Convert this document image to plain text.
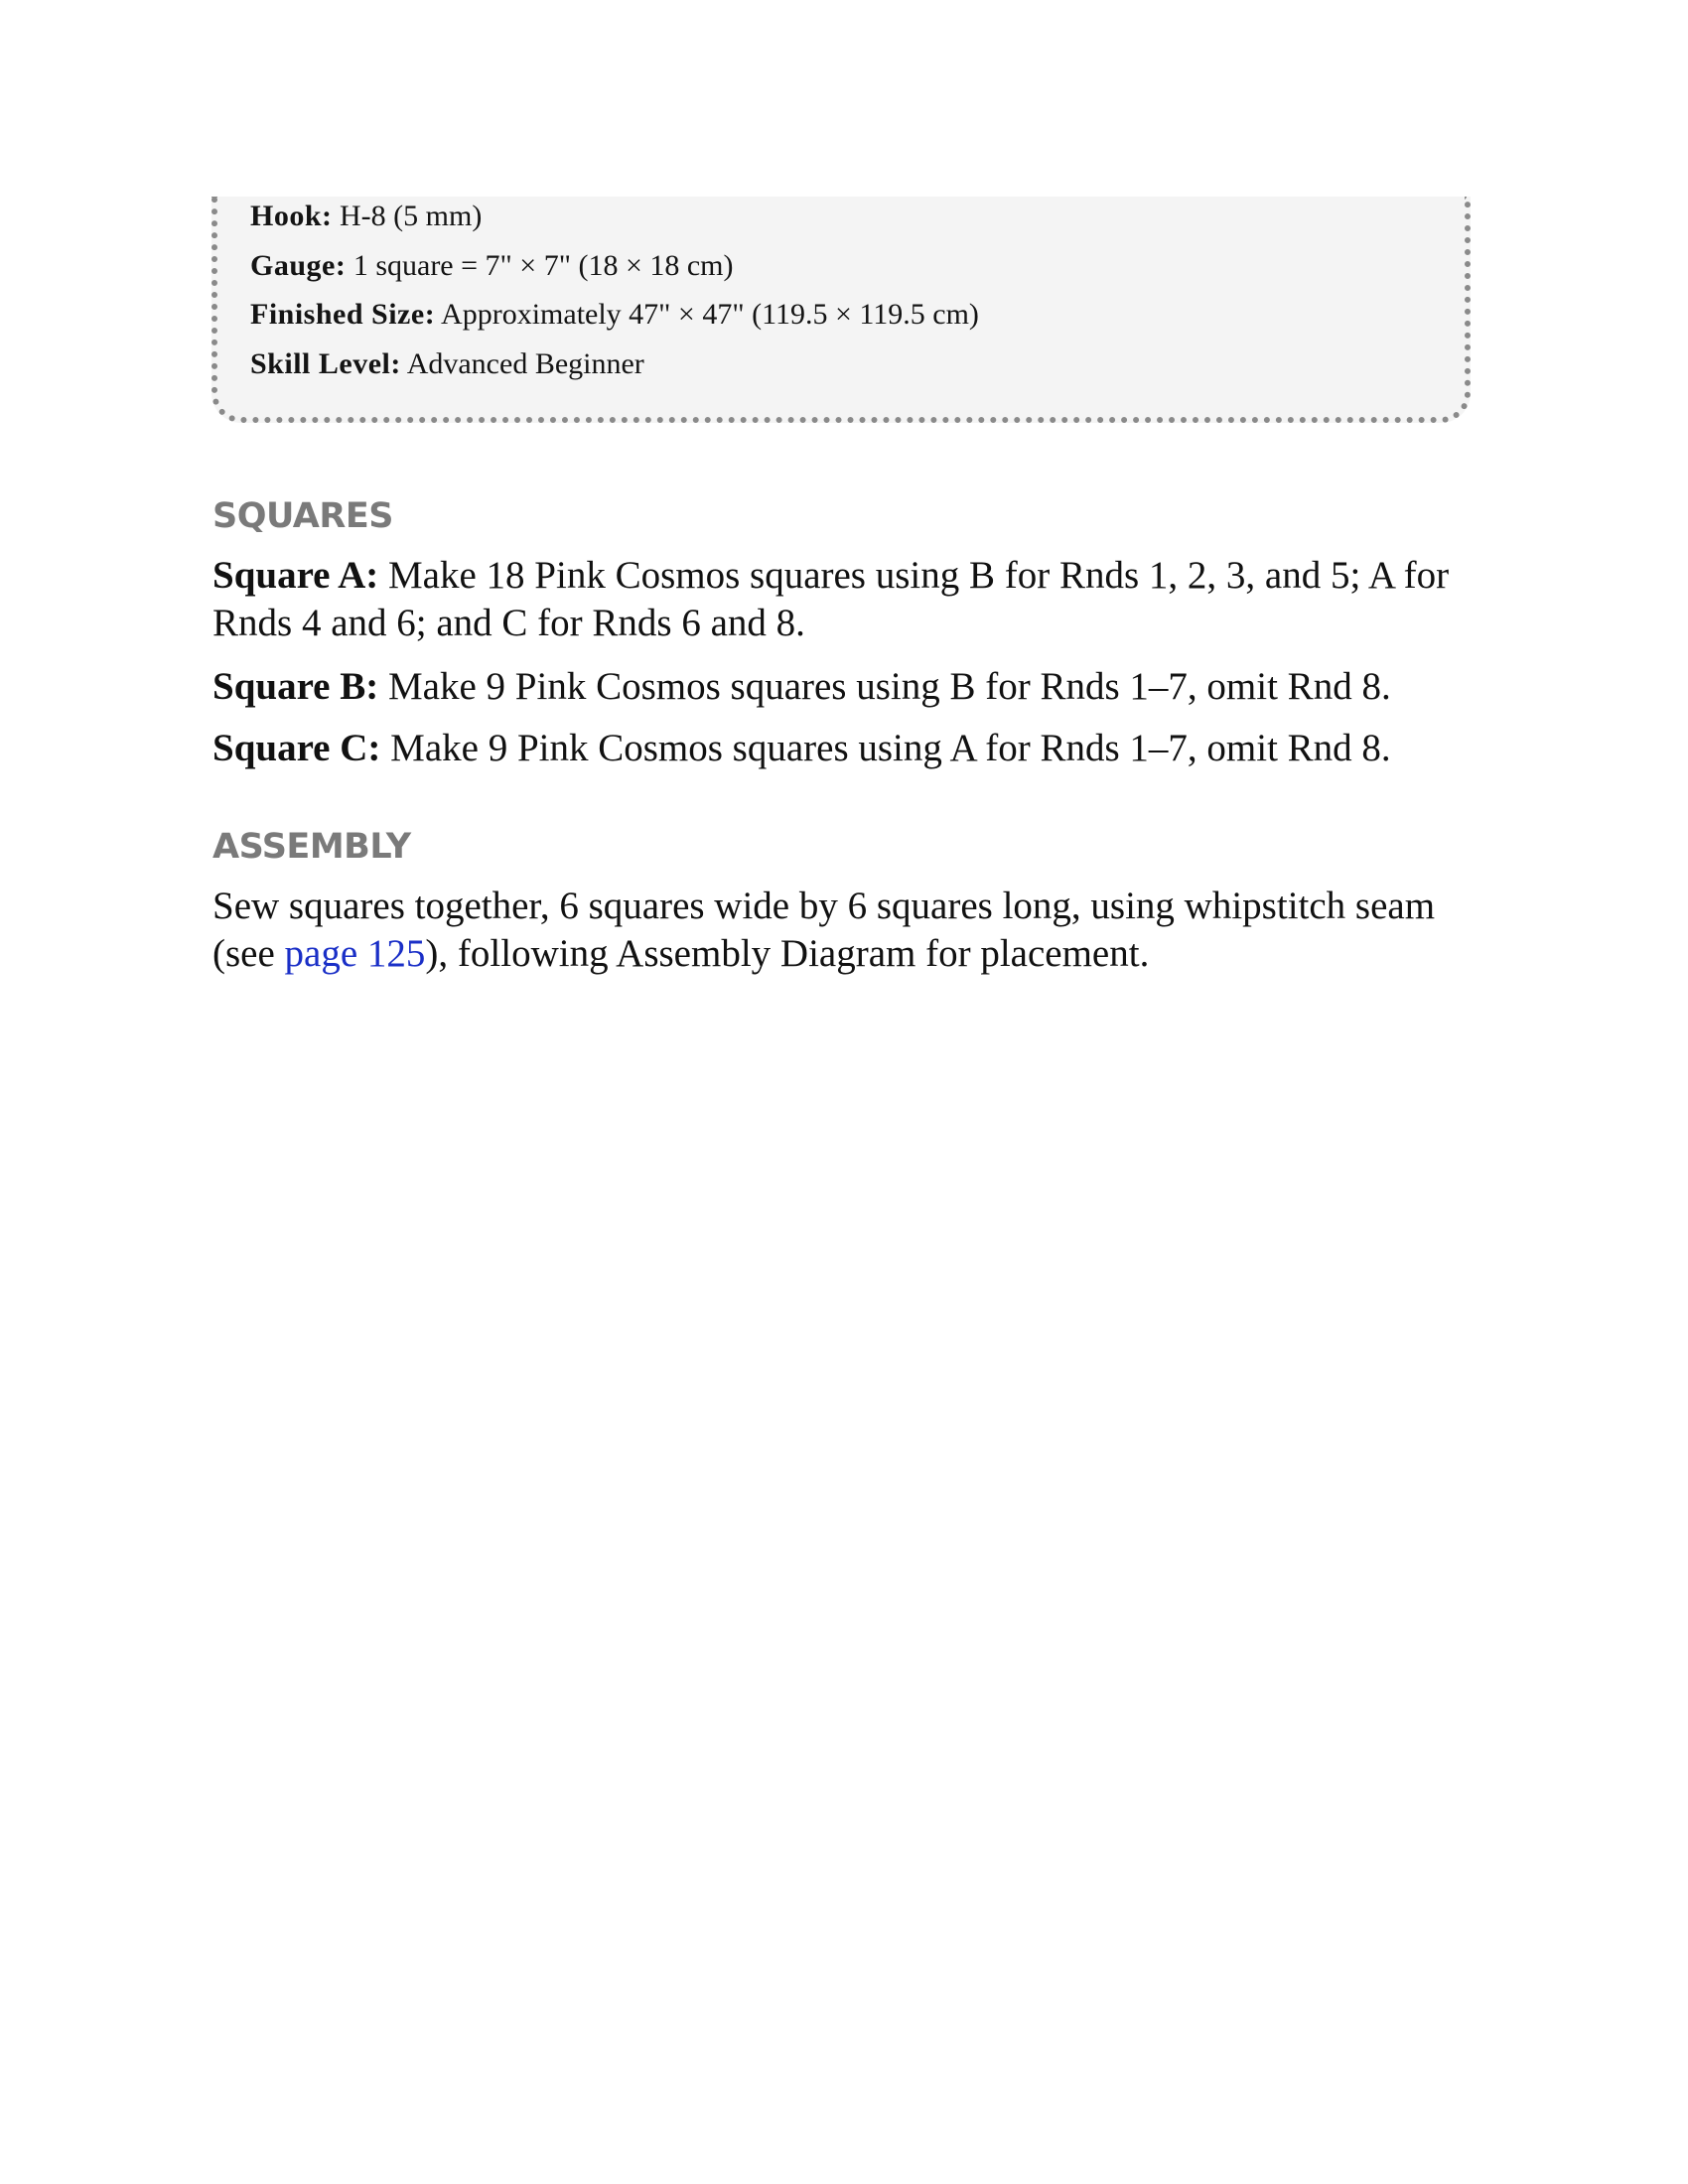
Hook: H-8 (5 mm)
Gauge: 1 square = 7" × 7" (18 × 18 cm)
Finished Size: Approximately 47" × 47" (119.5 × 119.5 cm)
Skill Level: Advanced Beginner
SQUARES

Square A: Make 18 Pink Cosmos squares using B for Rnds 1, 2, 3, and 5; A for Rnds 4 and 6; and C for Rnds 6 and 8.

Square B: Make 9 Pink Cosmos squares using B for Rnds 1–7, omit Rnd 8.

Square C: Make 9 Pink Cosmos squares using A for Rnds 1–7, omit Rnd 8.

ASSEMBLY

Sew squares together, 6 squares wide by 6 squares long, using whipstitch seam (see page 125), following Assembly Diagram for placement.
